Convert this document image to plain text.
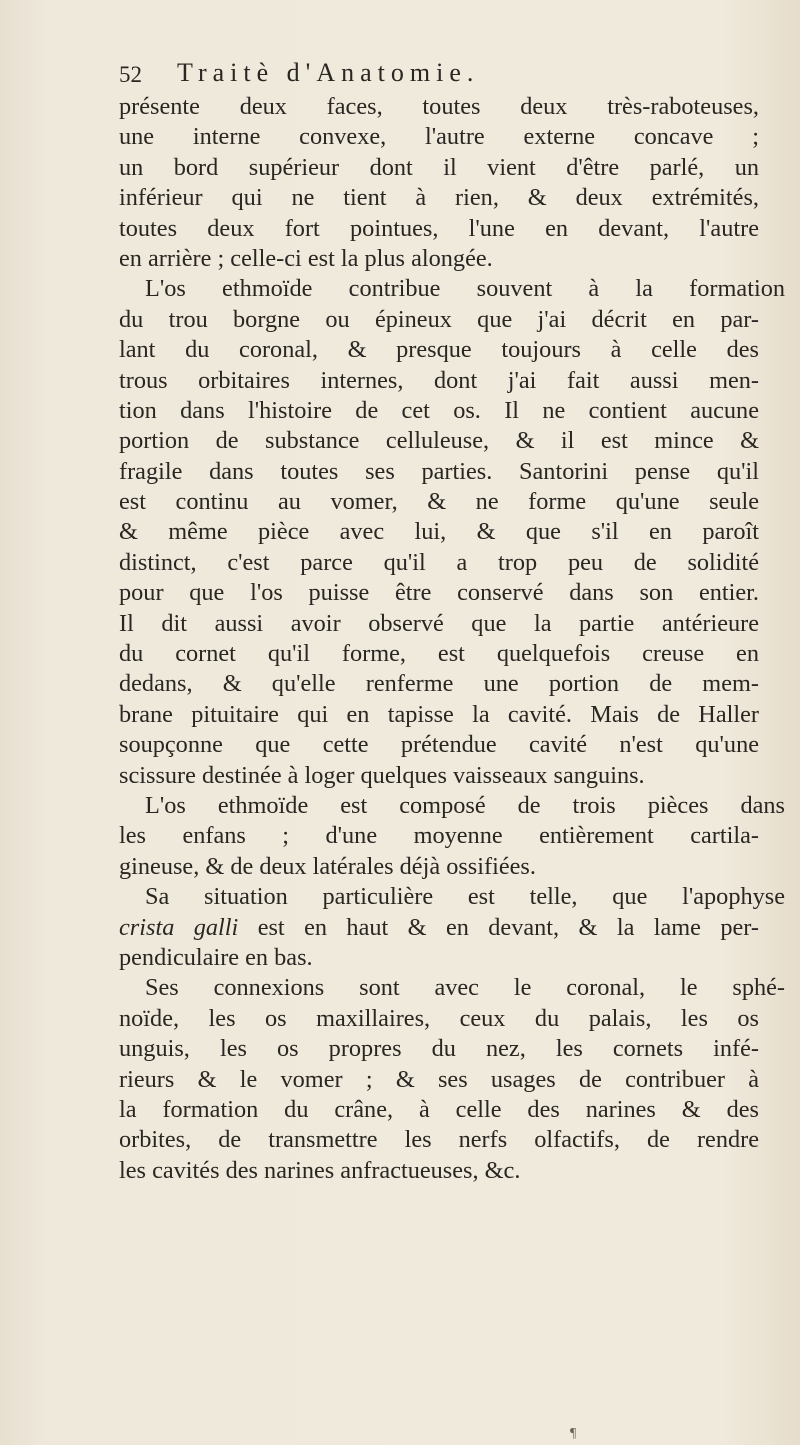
52 Traitè d'Anatomie.
présente deux faces, toutes deux très-raboteuses,
une interne convexe, l'autre externe concave ;
un bord supérieur dont il vient d'être parlé, un
inférieur qui ne tient à rien, & deux extrémités,
toutes deux fort pointues, l'une en devant, l'autre
en arrière ; celle-ci est la plus alongée.
L'os ethmoïde contribue souvent à la formation
du trou borgne ou épineux que j'ai décrit en par-
lant du coronal, & presque toujours à celle des
trous orbitaires internes, dont j'ai fait aussi men-
tion dans l'histoire de cet os. Il ne contient aucune
portion de substance celluleuse, & il est mince &
fragile dans toutes ses parties. Santorini pense qu'il
est continu au vomer, & ne forme qu'une seule
& même pièce avec lui, & que s'il en paroît
distinct, c'est parce qu'il a trop peu de solidité
pour que l'os puisse être conservé dans son entier.
Il dit aussi avoir observé que la partie antérieure
du cornet qu'il forme, est quelquefois creuse en
dedans, & qu'elle renferme une portion de mem-
brane pituitaire qui en tapisse la cavité. Mais de Haller
soupçonne que cette prétendue cavité n'est qu'une
scissure destinée à loger quelques vaisseaux sanguins.
L'os ethmoïde est composé de trois pièces dans
les enfans ; d'une moyenne entièrement cartila-
gineuse, & de deux latérales déjà ossifiées.
Sa situation particulière est telle, que l'apophyse
crista galli est en haut & en devant, & la lame per-
pendiculaire en bas.
Ses connexions sont avec le coronal, le sphé-
noïde, les os maxillaires, ceux du palais, les os
unguis, les os propres du nez, les cornets infé-
rieurs & le vomer ; & ses usages de contribuer à
la formation du crâne, à celle des narines & des
orbites, de transmettre les nerfs olfactifs, de rendre
les cavités des narines anfractueuses, &c.
¶
